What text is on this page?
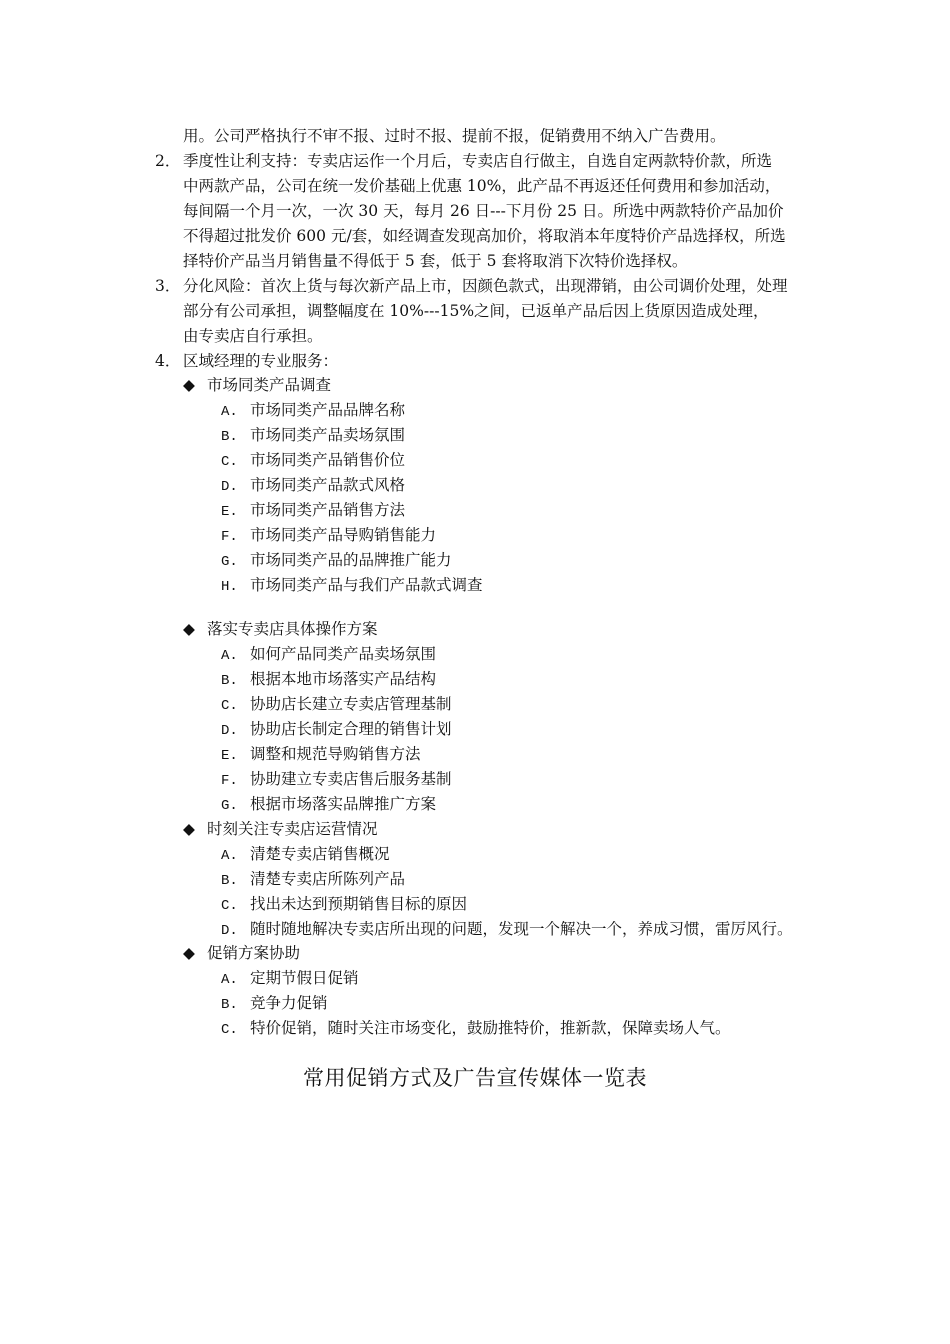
用。公司严格执行不审不报、过时不报、提前不报，促销费用不纳入广告费用。
2． 季度性让利支持：专卖店运作一个月后，专卖店自行做主，自选自定两款特价款，所选
中两款产品，公司在统一发价基础上优惠 10%，此产品不再返还任何费用和参加活动，
每间隔一个月一次，一次 30 天，每月 26 日---下月份 25 日。所选中两款特价产品加价
不得超过批发价 600 元/套，如经调查发现高加价，将取消本年度特价产品选择权，所选
择特价产品当月销售量不得低于 5 套，低于 5 套将取消下次特价选择权。
3． 分化风险：首次上货与每次新产品上市，因颜色款式，出现滞销，由公司调价处理，处理
部分有公司承担，调整幅度在 10%---15%之间，已返单产品后因上货原因造成处理，
由专卖店自行承担。
4． 区域经理的专业服务：
◆ 市场同类产品调查
A. 市场同类产品品牌名称
B. 市场同类产品卖场氛围
C. 市场同类产品销售价位
D. 市场同类产品款式风格
E. 市场同类产品销售方法
F. 市场同类产品导购销售能力
G. 市场同类产品的品牌推广能力
H. 市场同类产品与我们产品款式调查
◆ 落实专卖店具体操作方案
A. 如何产品同类产品卖场氛围
B. 根据本地市场落实产品结构
C. 协助店长建立专卖店管理基制
D. 协助店长制定合理的销售计划
E. 调整和规范导购销售方法
F. 协助建立专卖店售后服务基制
G. 根据市场落实品牌推广方案
◆ 时刻关注专卖店运营情况
A. 清楚专卖店销售概况
B. 清楚专卖店所陈列产品
C. 找出未达到预期销售目标的原因
D. 随时随地解决专卖店所出现的问题，发现一个解决一个，养成习惯，雷厉风行。
◆ 促销方案协助
A. 定期节假日促销
B. 竞争力促销
C. 特价促销，随时关注市场变化，鼓励推特价，推新款，保障卖场人气。
常用促销方式及广告宣传媒体一览表
